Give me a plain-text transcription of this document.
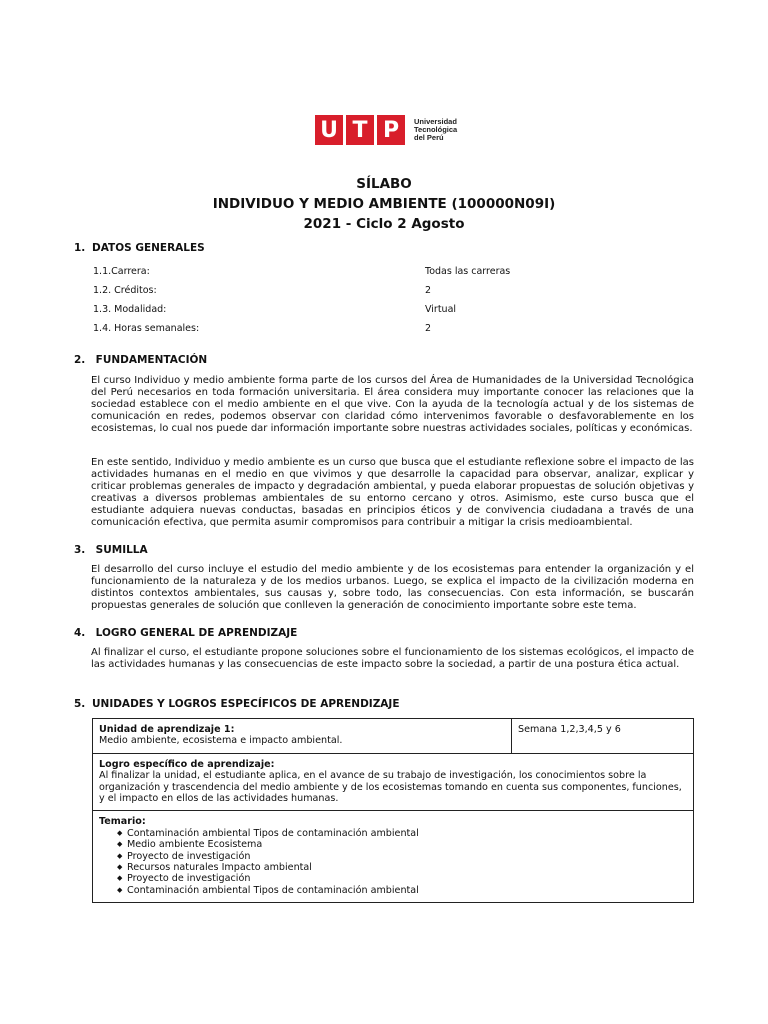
U T P	Universidad
Tecnológica
del Perú
SÍLABO
INDIVIDUO Y MEDIO AMBIENTE (100000N09I)
2021 - Ciclo 2 Agosto
1. DATOS GENERALES
1.1.Carrera:	Todas las carreras
1.2. Créditos:	2
1.3. Modalidad:	Virtual
1.4. Horas semanales:	2
2. FUNDAMENTACIÓN
El curso Individuo y medio ambiente forma parte de los cursos del Área de Humanidades de la Universidad Tecnológica del Perú necesarios en toda formación universitaria. El área considera muy importante conocer las relaciones que la sociedad establece con el medio ambiente en el que vive. Con la ayuda de la tecnología actual y de los sistemas de comunicación en redes, podemos observar con claridad cómo intervenimos favorable o desfavorablemente en los ecosistemas, lo cual nos puede dar información importante sobre nuestras actividades sociales, políticas y económicas.
En este sentido, Individuo y medio ambiente es un curso que busca que el estudiante reflexione sobre el impacto de las actividades humanas en el medio en que vivimos y que desarrolle la capacidad para observar, analizar, explicar y criticar problemas generales de impacto y degradación ambiental, y pueda elaborar propuestas de solución objetivas y creativas a diversos problemas ambientales de su entorno cercano y otros. Asimismo, este curso busca que el estudiante adquiera nuevas conductas, basadas en principios éticos y de convivencia ciudadana a través de una comunicación efectiva, que permita asumir compromisos para contribuir a mitigar la crisis medioambiental.
3. SUMILLA
El desarrollo del curso incluye el estudio del medio ambiente y de los ecosistemas para entender la organización y el funcionamiento de la naturaleza y de los medios urbanos. Luego, se explica el impacto de la civilización moderna en distintos contextos ambientales, sus causas y, sobre todo, las consecuencias. Con esta información, se buscarán propuestas generales de solución que conlleven la generación de conocimiento importante sobre este tema.
4. LOGRO GENERAL DE APRENDIZAJE
Al finalizar el curso, el estudiante propone soluciones sobre el funcionamiento de los sistemas ecológicos, el impacto de las actividades humanas y las consecuencias de este impacto sobre la sociedad, a partir de una postura ética actual.
5. UNIDADES Y LOGROS ESPECÍFICOS DE APRENDIZAJE
Unidad de aprendizaje 1:
Medio ambiente, ecosistema e impacto ambiental.

Semana 1,2,3,4,5 y 6

Logro específico de aprendizaje:
Al finalizar la unidad, el estudiante aplica, en el avance de su trabajo de investigación, los conocimientos sobre la organización y trascendencia del medio ambiente y de los ecosistemas tomando en cuenta sus componentes, funciones, y el impacto en ellos de las actividades humanas.

Temario:
◆ Contaminación ambiental Tipos de contaminación ambiental
◆ Medio ambiente Ecosistema
◆ Proyecto de investigación
◆ Recursos naturales Impacto ambiental
◆ Proyecto de investigación
◆ Contaminación ambiental Tipos de contaminación ambiental
